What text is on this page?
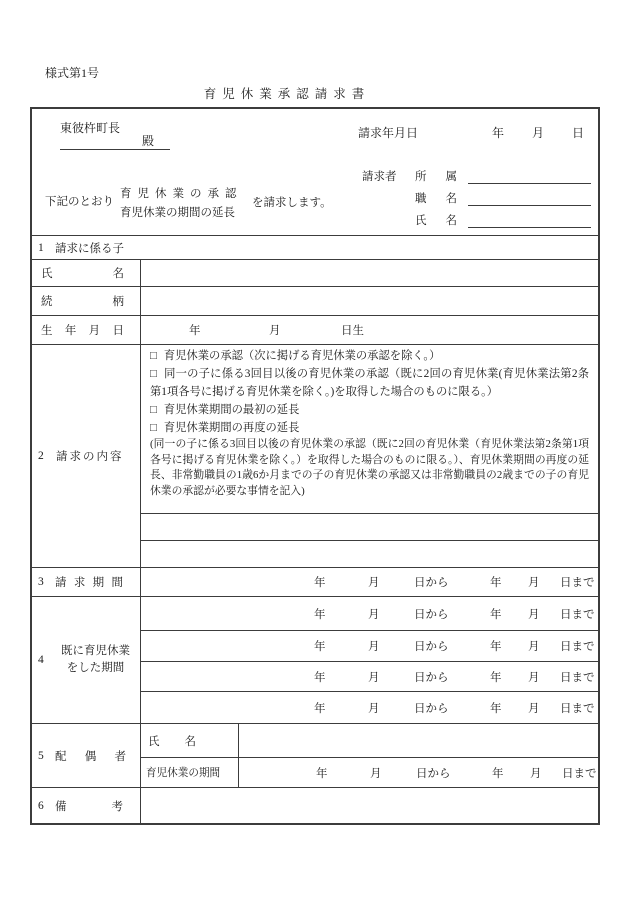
様式第1号
育児休業承認請求書
東彼杵町長
殿
請求年月日	年 月 日
下記のとおり
育児休業の承認
育児休業の期間の延長
を請求します。
請求者 所属
職名
氏名
1 請求に係る子
氏名
続柄
生年月日	年	月	日生
2	請求の内容
□ 育児休業の承認（次に掲げる育児休業の承認を除く。）
□ 同一の子に係る3回目以後の育児休業の承認（既に2回の育児休業(育児休業法第2条第1項各号に掲げる育児休業を除く。)を取得した場合のものに限る。）
□ 育児休業期間の最初の延長
□ 育児休業期間の再度の延長
(同一の子に係る3回目以後の育児休業の承認（既に2回の育児休業（育児休業法第2条第1項各号に掲げる育児休業を除く。）を取得した場合のものに限る。）、育児休業期間の再度の延長、非常勤職員の1歳6か月までの子の育児休業の承認又は非常勤職員の2歳までの子の育児休業の承認が必要な事情を記入)
3 請求期間	年	月	日から	年 月 日まで
4
既に育児休業
をした期間
年	月	日から	年 月 日まで
年	月	日から	年 月 日まで
年	月	日から	年 月 日まで
年	月	日から	年 月 日まで
5 配偶者
氏名
育児休業の期間	年	月	日から	年 月 日まで
6 備考
